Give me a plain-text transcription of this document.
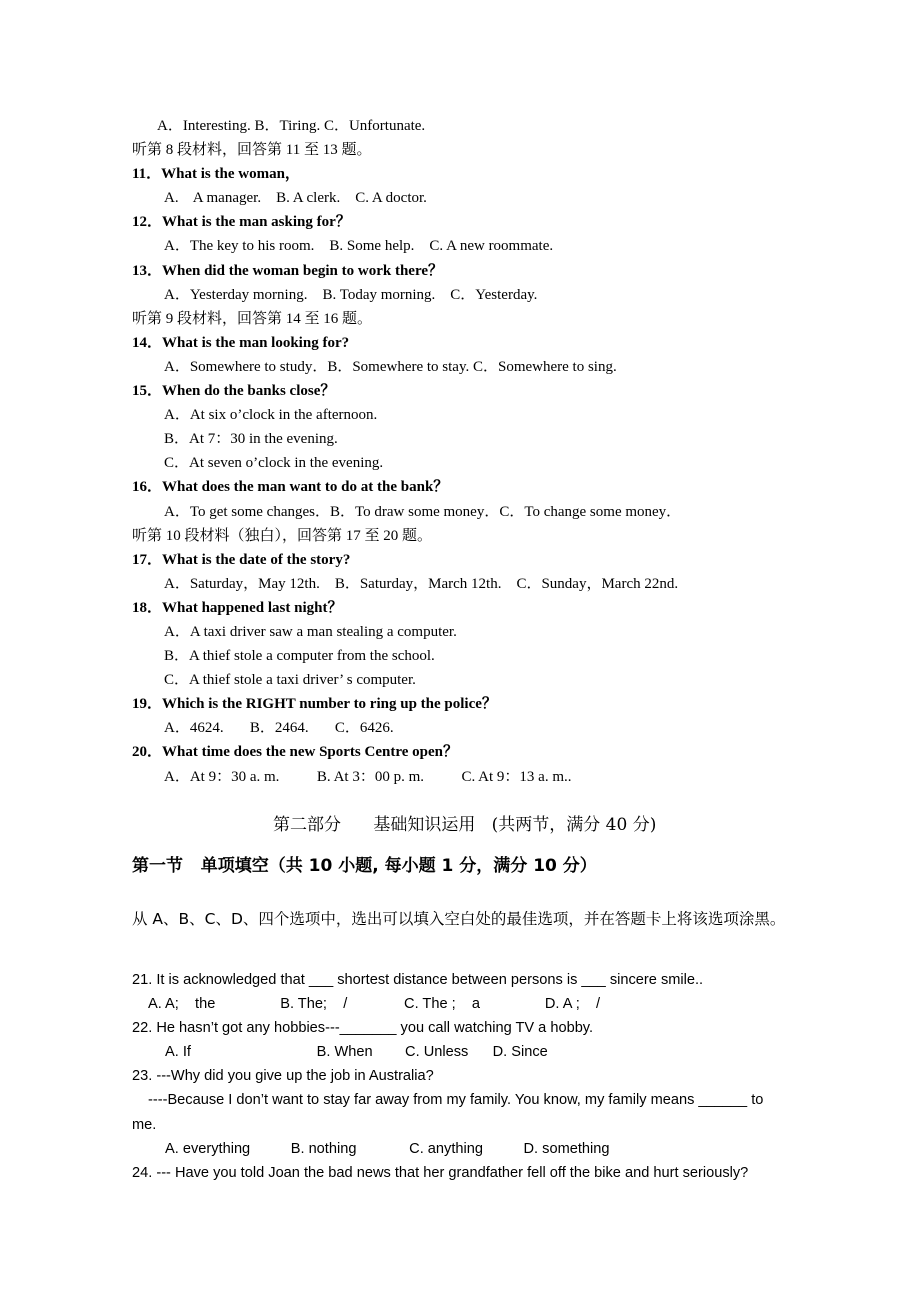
A．Interesting. B．Tiring. C．Unfortunate.
听第 8 段材料，回答第 11 至 13 题。
11．What is the woman，
A.    A manager.    B. A clerk.    C. A doctor.
12．What is the man asking for？
A．The key to his room.    B. Some help.    C. A new roommate.
13．When did the woman begin to work there？
A．Yesterday morning.    B. Today morning.    C．Yesterday.
听第 9 段材料，回答第 14 至 16 题。
14．What is the man looking for?
A．Somewhere to study．B．Somewhere to stay. C．Somewhere to sing.
15．When do the banks close？
A．At six o’clock in the afternoon.
B．At 7：30 in the evening.
C．At seven o’clock in the evening.
16．What does the man want to do at the bank？
A．To get some changes．B．To draw some money．C．To change some money．
听第 10 段材料（独白），回答第 17 至 20 题。
17．What is the date of the story?
A．Saturday，May 12th.    B．Saturday，March 12th.    C．Sunday，March 22nd.
18．What happened last night？
A．A taxi driver saw a man stealing a computer.
B．A thief stole a computer from the school.
C．A thief stole a taxi driver’ s computer.
19．Which is the RIGHT number to ring up the police？
A．4624.       B．2464.       C．6426.
20．What time does the new Sports Centre open？
A．At 9：30 a. m.          B. At 3：00 p. m.          C. At 9：13 a. m..
第二部分      基础知识运用   (共两节，满分 40 分)
第一节   单项填空（共 10 小题, 每小题 1 分，满分 10 分）
从 A、B、C、D、四个选项中，选出可以填入空白处的最佳选项，并在答题卡上将该选项涂黑。
21. It is acknowledged that ___ shortest distance between persons is ___ sincere smile..
A. A;    the                B. The;    /              C. The ;    a                D. A ;    /
22. He hasn’t got any hobbies---_______ you call watching TV a hobby.
A. If                               B. When        C. Unless      D. Since
23. ---Why did you give up the job in Australia?
----Because I don’t want to stay far away from my family. You know, my family means ______ to
me.
A. everything          B. nothing             C. anything          D. something
24. --- Have you told Joan the bad news that her grandfather fell off the bike and hurt seriously?
